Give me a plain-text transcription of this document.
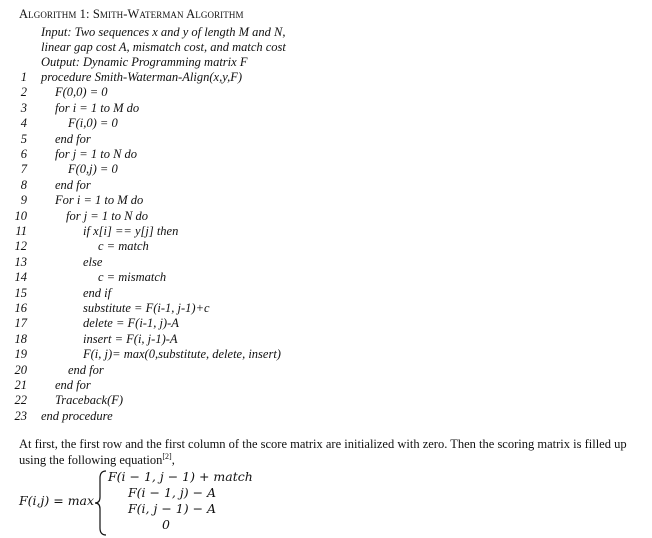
Algorithm 1: Smith-Waterman Algorithm
Input: Two sequences x and y of length M and N,
linear gap cost A, mismatch cost, and match cost
Output: Dynamic Programming matrix F
1 procedure Smith-Waterman-Align(x,y,F)
2 F(0,0) = 0
3 for i = 1 to M do
4	F(i,0) = 0
5 end for
6 for j = 1 to N do
7	F(0,j) = 0
8 end for
9 For i = 1 to M do
10	for j = 1 to N do
11	if x[i] == y[j] then
12	c = match
13	else
14	c = mismatch
15	end if
16	substitute = F(i-1, j-1)+c
17	delete = F(i-1, j)-A
18	insert = F(i, j-1)-A
19	F(i, j)= max(0,substitute, delete, insert)
20	end for
21 end for
22 Traceback(F)
23 end procedure
At first, the first row and the first column of the score matrix are initialized with zero. Then the scoring matrix is filled up using the following equation[2],
F(i,j) = max
F(i − 1, j − 1) + match
F(i − 1, j) − A
F(i, j − 1) − A
0
